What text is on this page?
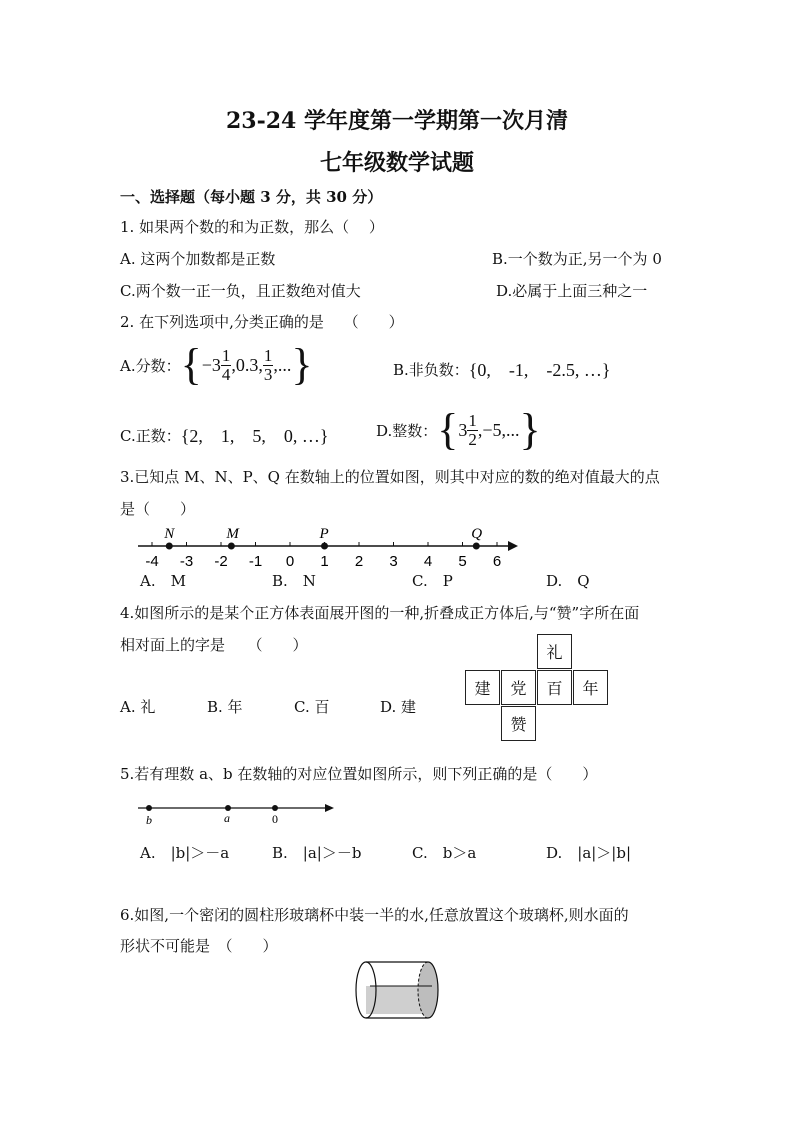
23-24 学年度第一学期第一次月清
七年级数学试题
一、选择题（每小题 3 分，共 30 分）
1. 如果两个数的和为正数，那么（　 ）
A. 这两个加数都是正数	B.一个数为正,另一个为 0
C.两个数一正一负，且正数绝对值大	D.必属于上面三种之一
2. 在下列选项中,分类正确的是　 （　　）
A.分数： { $-3 \frac{1}{4} ,0.3$, $\frac{1}{3}$ ,... }	B.非负数： {0,　-1,　-2.5, …}
C.正数： {2,　1,　5,　0, …}	D.整数： { $3 \frac{1}{2} ,-5$,... }
3.已知点 M、N、P、Q 在数轴上的位置如图，则其中对应的数的绝对值最大的点
是（　　）
-4 -3 -2 -1 0 1 2 3 4 5 6
N	M	P	Q
A.　M	B.　N	C.　P	D.　Q
4.如图所示的是某个正方体表面展开图的一种,折叠成正方体后,与“赞”字所在面
相对面上的字是　　（　　）
A. 礼	B. 年	C. 百	D. 建
礼
建	党	百	年
赞
5.若有理数 a、b 在数轴的对应位置如图所示，则下列正确的是（　　）
b	a	0
A.　|b|＞－a	B.　|a|＞－b	C.　b＞a	D.　|a|＞|b|
6.如图,一个密闭的圆柱形玻璃杯中装一半的水,任意放置这个玻璃杯,则水面的
形状不可能是　（　　）
